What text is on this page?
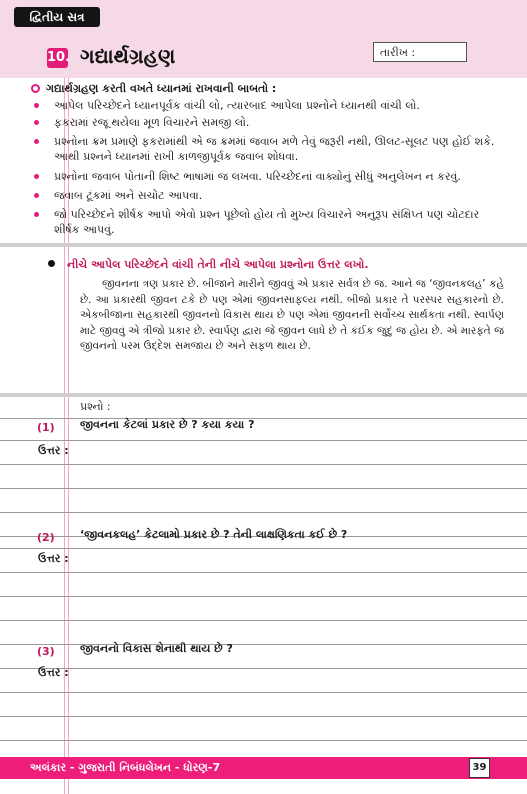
દ્વિતીય સત્ર
10. ગદ્યાર્થગ્રહણ	તારીખ :
ગદ્યાર્થગ્રહણ કરતી વખતે ધ્યાનમાં રાખવાની બાબતો :
આપેલ પરિચ્છેદને ધ્યાનપૂર્વક વાંચી લો, ત્યારબાદ આપેલા પ્રશ્નોને ધ્યાનથી વાંચી લો.
ફકરામાં રજૂ થયેલા મૂળ વિચારને સમજી લો.
પ્રશ્નોના ક્રમ પ્રમાણે ફકરામાંથી એ જ ક્રમમાં જવાબ મળે તેવું જરૂરી નથી, ઊલટ-સૂલટ પણ હોઈ શકે. આથી પ્રશ્નને ધ્યાનમાં રાખી કાળજીપૂર્વક જવાબ શોધવા.
પ્રશ્નોના જવાબ પોતાની શિષ્ટ ભાષામાં જ લખવા. પરિચ્છેદનાં વાક્યોનું સીધું અનુલેખન ન કરવું.
જવાબ ટૂંકમાં અને સચોટ આપવા.
જો પરિચ્છેદને શીર્ષક આપો એવો પ્રશ્ન પૂછેલો હોય તો મુખ્ય વિચારને અનુરૂપ સંક્ષિપ્ત પણ ચોટદાર શીર્ષક આપવું.
નીચે આપેલ પરિચ્છેદને વાંચી તેની નીચે આપેલા પ્રશ્નોના ઉત્તર લખો.
જીવનના ત્રણ પ્રકાર છે. બીજાને મારીને જીવવું એ પ્રકાર સર્વત્ર છે જ. આને જ ‘જીવનકલહ’ કહે છે. આ પ્રકારથી જીવન ટકે છે પણ એમાં જીવનસાફલ્ય નથી. બીજો પ્રકાર તે પરસ્પર સહકારનો છે. એકબીજાના સહકારથી જીવનનો વિકાસ થાય છે પણ એમાં જીવનની સર્વોચ્ચ સાર્થકતા નથી. સ્વાર્પણ માટે જીવવું એ ત્રીજો પ્રકાર છે. સ્વાર્પણ દ્વારા જે જીવન લાધે છે તે કંઈક જુદું જ હોય છે. એ મારફતે જ જીવનનો પરમ ઉદ્દેશ સમજાય છે અને સફળ થાય છે.
પ્રશ્નો :
(1) જીવનના કેટલાં પ્રકાર છે ? કયા કયા ?
ઉત્તર :
(2) ‘જીવનકલહ’ કેટલામો પ્રકાર છે ? તેની લાક્ષણિકતા કઈ છે ?
ઉત્તર :
(3) જીવનનો વિકાસ શેનાથી થાય છે ?
ઉત્તર :
અલંકાર - ગુજરાતી નિબંધલેખન - ધોરણ-7	39
